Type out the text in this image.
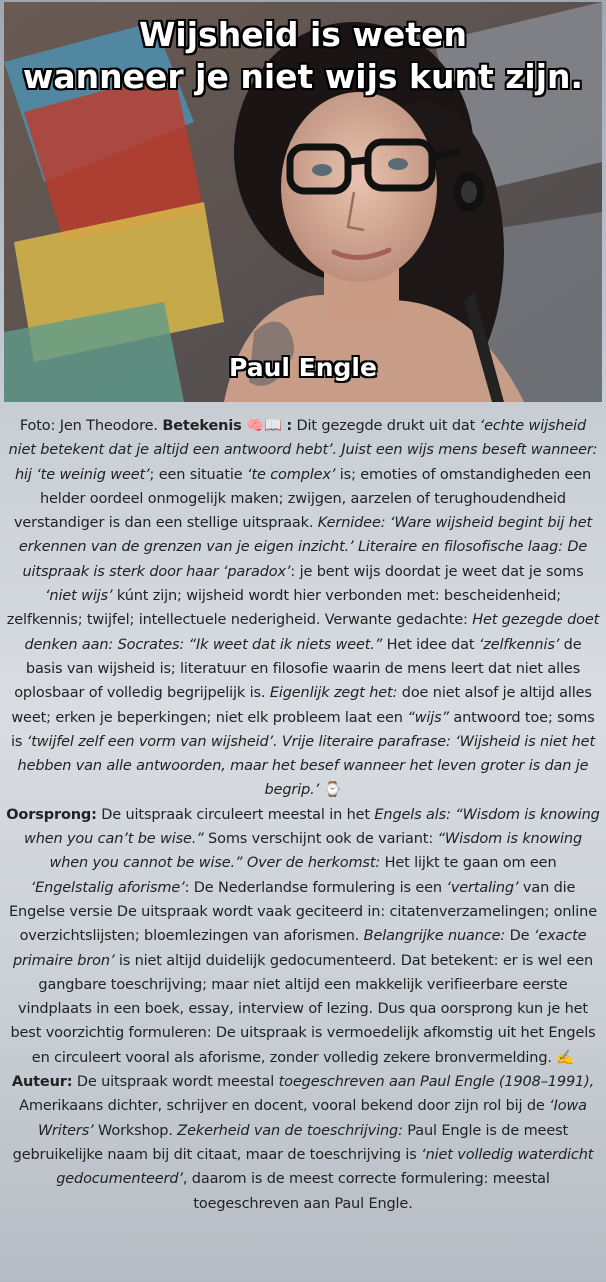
Wijsheid is weten
wanneer je niet wijs kunt zijn.
Paul Engle

Foto: Jen Theodore. Betekenis 🧠📖 : Dit gezegde drukt uit dat ‘echte wijsheid niet betekent dat je altijd een antwoord hebt’. Juist een wijs mens beseft wanneer: hij ‘te weinig weet’; een situatie ‘te complex’ is; emoties of omstandigheden een helder oordeel onmogelijk maken; zwijgen, aarzelen of terughoudendheid verstandiger is dan een stellige uitspraak. Kernidee: ‘Ware wijsheid begint bij het erkennen van de grenzen van je eigen inzicht.’ Literaire en filosofische laag: De uitspraak is sterk door haar ‘paradox’: je bent wijs doordat je weet dat je soms ‘niet wijs’ kúnt zijn; wijsheid wordt hier verbonden met: bescheidenheid; zelfkennis; twijfel; intellectuele nederigheid. Verwante gedachte: Het gezegde doet denken aan: Socrates: “Ik weet dat ik niets weet.” Het idee dat ‘zelfkennis’ de basis van wijsheid is; literatuur en filosofie waarin de mens leert dat niet alles oplosbaar of volledig begrijpelijk is. Eigenlijk zegt het: doe niet alsof je altijd alles weet; erken je beperkingen; niet elk probleem laat een “wijs” antwoord toe; soms is ‘twijfel zelf een vorm van wijsheid’. Vrije literaire parafrase: ‘Wijsheid is niet het hebben van alle antwoorden, maar het besef wanneer het leven groter is dan je begrip.’ ⌚

Oorsprong: De uitspraak circuleert meestal in het Engels als: “Wisdom is knowing when you can’t be wise.” Soms verschijnt ook de variant: “Wisdom is knowing when you cannot be wise.” Over de herkomst: Het lijkt te gaan om een ‘Engelstalig aforisme’: De Nederlandse formulering is een ‘vertaling’ van die Engelse versie De uitspraak wordt vaak geciteerd in: citatenverzamelingen; online overzichtslijsten; bloemlezingen van aforismen. Belangrijke nuance: De ‘exacte primaire bron’ is niet altijd duidelijk gedocumenteerd. Dat betekent: er is wel een gangbare toeschrijving; maar niet altijd een makkelijk verifieerbare eerste vindplaats in een boek, essay, interview of lezing. Dus qua oorsprong kun je het best voorzichtig formuleren: De uitspraak is vermoedelijk afkomstig uit het Engels en circuleert vooral als aforisme, zonder volledig zekere bronvermelding. ✍️

Auteur: De uitspraak wordt meestal toegeschreven aan Paul Engle (1908–1991), Amerikaans dichter, schrijver en docent, vooral bekend door zijn rol bij de ‘Iowa Writers’ Workshop. Zekerheid van de toeschrijving: Paul Engle is de meest gebruikelijke naam bij dit citaat, maar de toeschrijving is ‘niet volledig waterdicht gedocumenteerd’, daarom is de meest correcte formulering: meestal toegeschreven aan Paul Engle.
